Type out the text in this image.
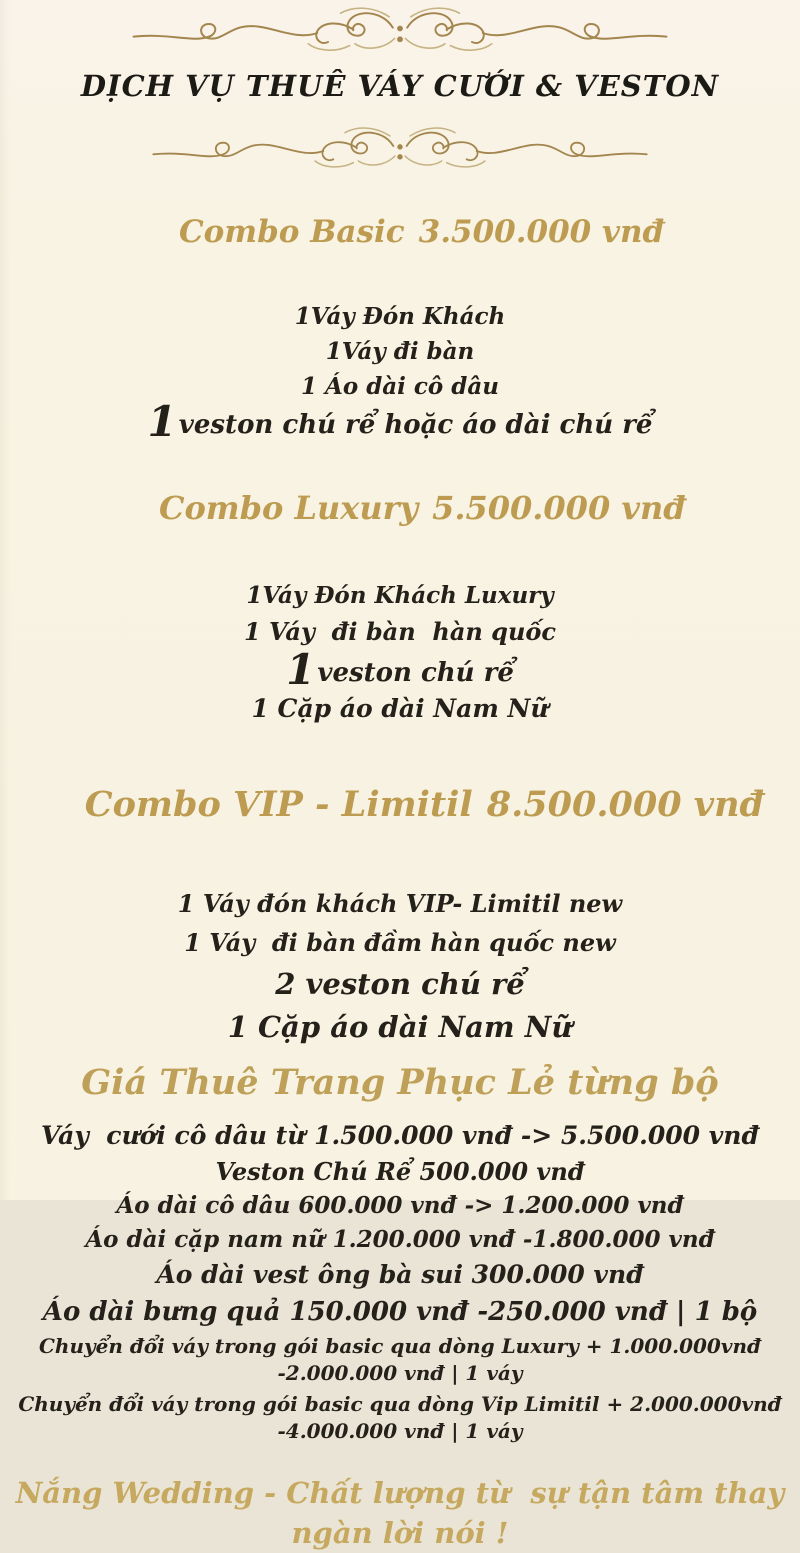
DỊCH VỤ THUÊ VÁY CƯỚI & VESTON

Combo Basic 3.500.000 vnđ

1Váy Đón Khách
1Váy đi bàn
1 Áo dài cô dâu
1veston chú rể hoặc áo dài chú rể

Combo Luxury 5.500.000 vnđ

1Váy Đón Khách Luxury
1 Váy  đi bàn  hàn quốc
1veston chú rể
1 Cặp áo dài Nam Nữ

Combo VIP - Limitil 8.500.000 vnđ

1 Váy đón khách VIP- Limitil new
1 Váy  đi bàn đầm hàn quốc new
2 veston chú rể
1 Cặp áo dài Nam Nữ
Giá Thuê Trang Phục Lẻ từng bộ
Váy  cưới cô dâu từ 1.500.000 vnđ -> 5.500.000 vnđ
Veston Chú Rể 500.000 vnđ
Áo dài cô dâu 600.000 vnđ -> 1.200.000 vnđ
Áo dài cặp nam nữ 1.200.000 vnđ -1.800.000 vnđ
Áo dài vest ông bà sui 300.000 vnđ
Áo dài bưng quả 150.000 vnđ -250.000 vnđ | 1 bộ
Chuyển đổi váy trong gói basic qua dòng Luxury + 1.000.000vnđ -2.000.000 vnđ | 1 váy
Chuyển đổi váy trong gói basic qua dòng Vip Limitil + 2.000.000vnđ -4.000.000 vnđ | 1 váy
Nắng Wedding - Chất lượng từ  sự tận tâm thay ngàn lời nói !
